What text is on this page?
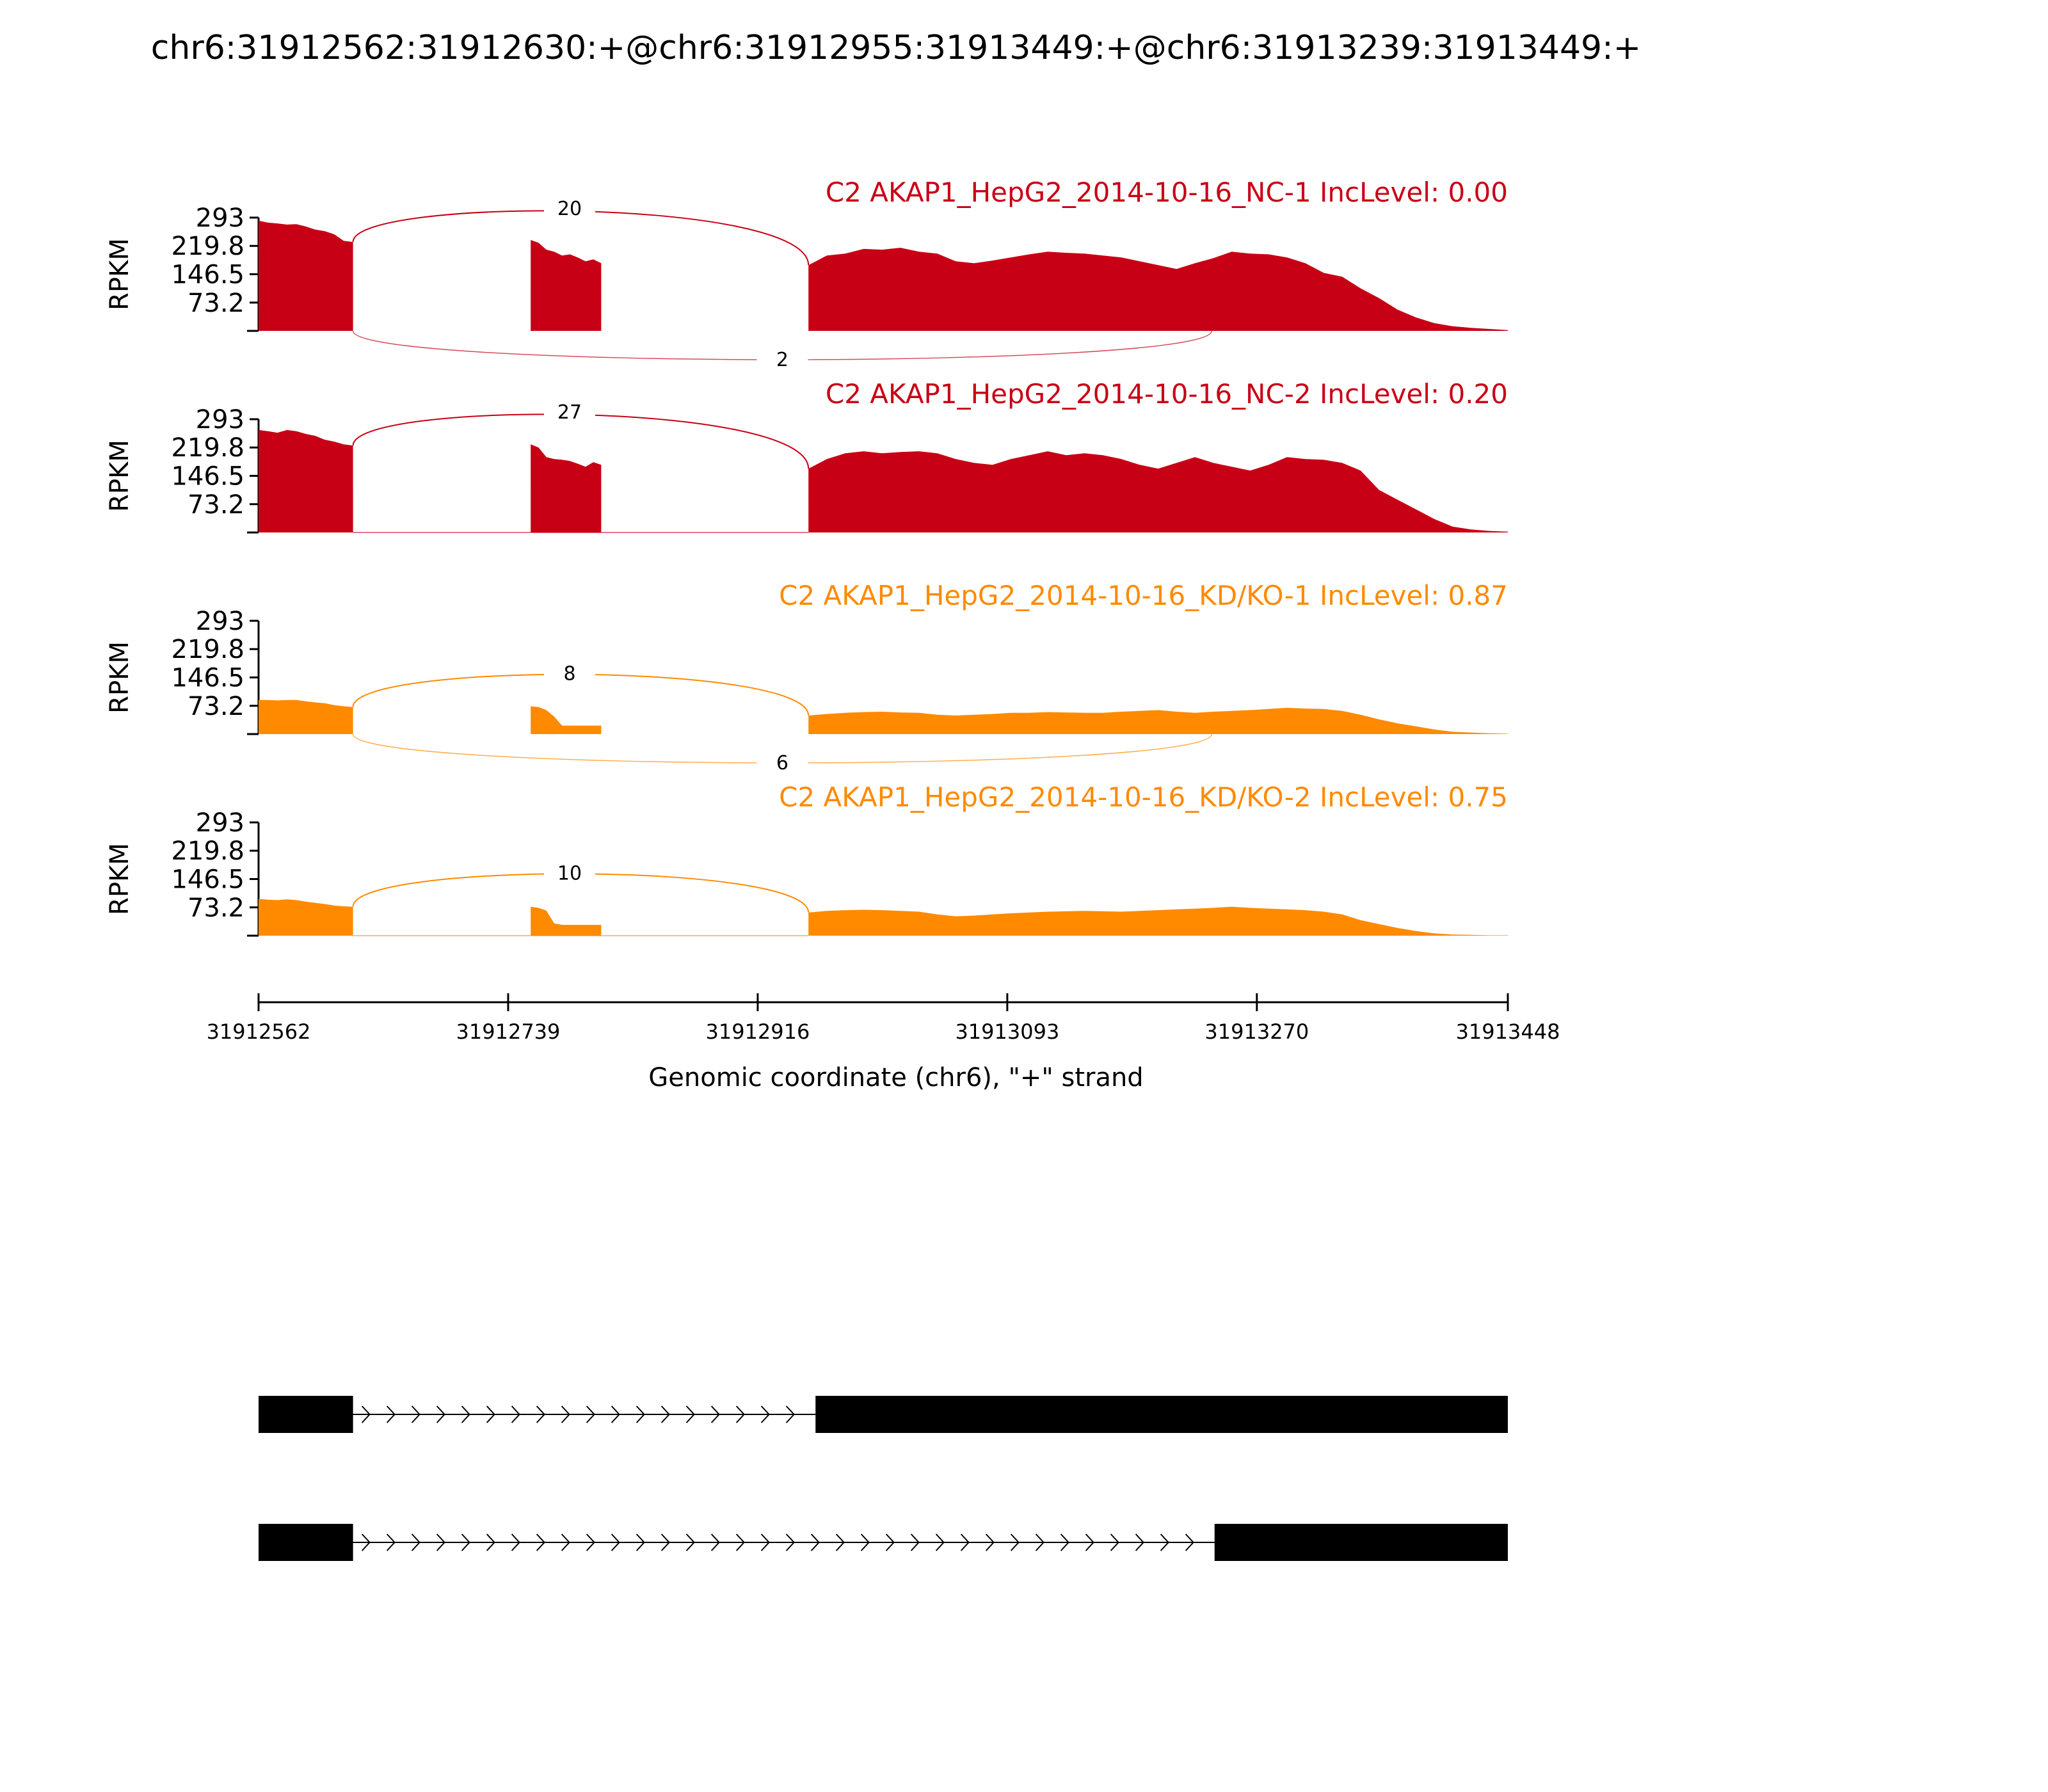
chr6:31912562:31912630:+@chr6:31912955:31913449:+@chr6:31913239:31913449:+
293
219.8
146.5
73.2
RPKM
20
2
C2 AKAP1_HepG2_2014-10-16_NC-1 IncLevel: 0.00
293
219.8
146.5
73.2
RPKM
27
C2 AKAP1_HepG2_2014-10-16_NC-2 IncLevel: 0.20
293
219.8
146.5
73.2
RPKM	8
6
C2 AKAP1_HepG2_2014-10-16_KD/KO-1 IncLevel: 0.87
293
219.8
146.5
73.2
RPKM	10
C2 AKAP1_HepG2_2014-10-16_KD/KO-2 IncLevel: 0.75
31912562	31912739	31912916	31913093	31913270	31913448
Genomic coordinate (chr6), "+" strand
